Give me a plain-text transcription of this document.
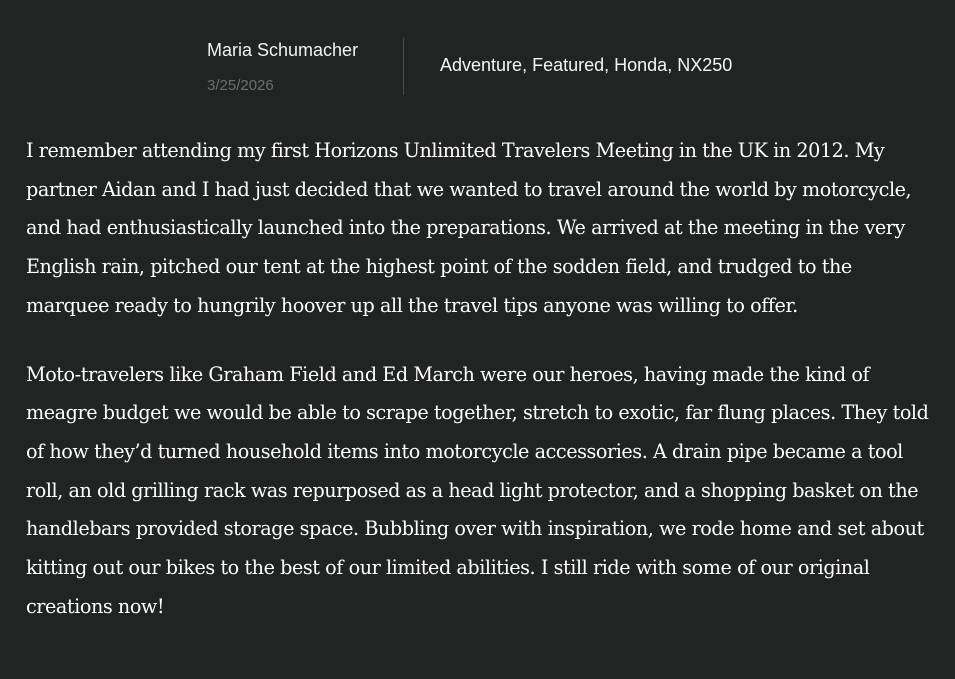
Maria Schumacher
3/25/2026
Adventure, Featured, Honda, NX250

I remember attending my first Horizons Unlimited Travelers Meeting in the UK in 2012. My partner Aidan and I had just decided that we wanted to travel around the world by motorcycle, and had enthusiastically launched into the preparations. We arrived at the meeting in the very English rain, pitched our tent at the highest point of the sodden field, and trudged to the marquee ready to hungrily hoover up all the travel tips anyone was willing to offer.

Moto-travelers like Graham Field and Ed March were our heroes, having made the kind of meagre budget we would be able to scrape together, stretch to exotic, far flung places. They told of how they’d turned household items into motorcycle accessories. A drain pipe became a tool roll, an old grilling rack was repurposed as a head light protector, and a shopping basket on the handlebars provided storage space. Bubbling over with inspiration, we rode home and set about kitting out our bikes to the best of our limited abilities. I still ride with some of our original creations now!
